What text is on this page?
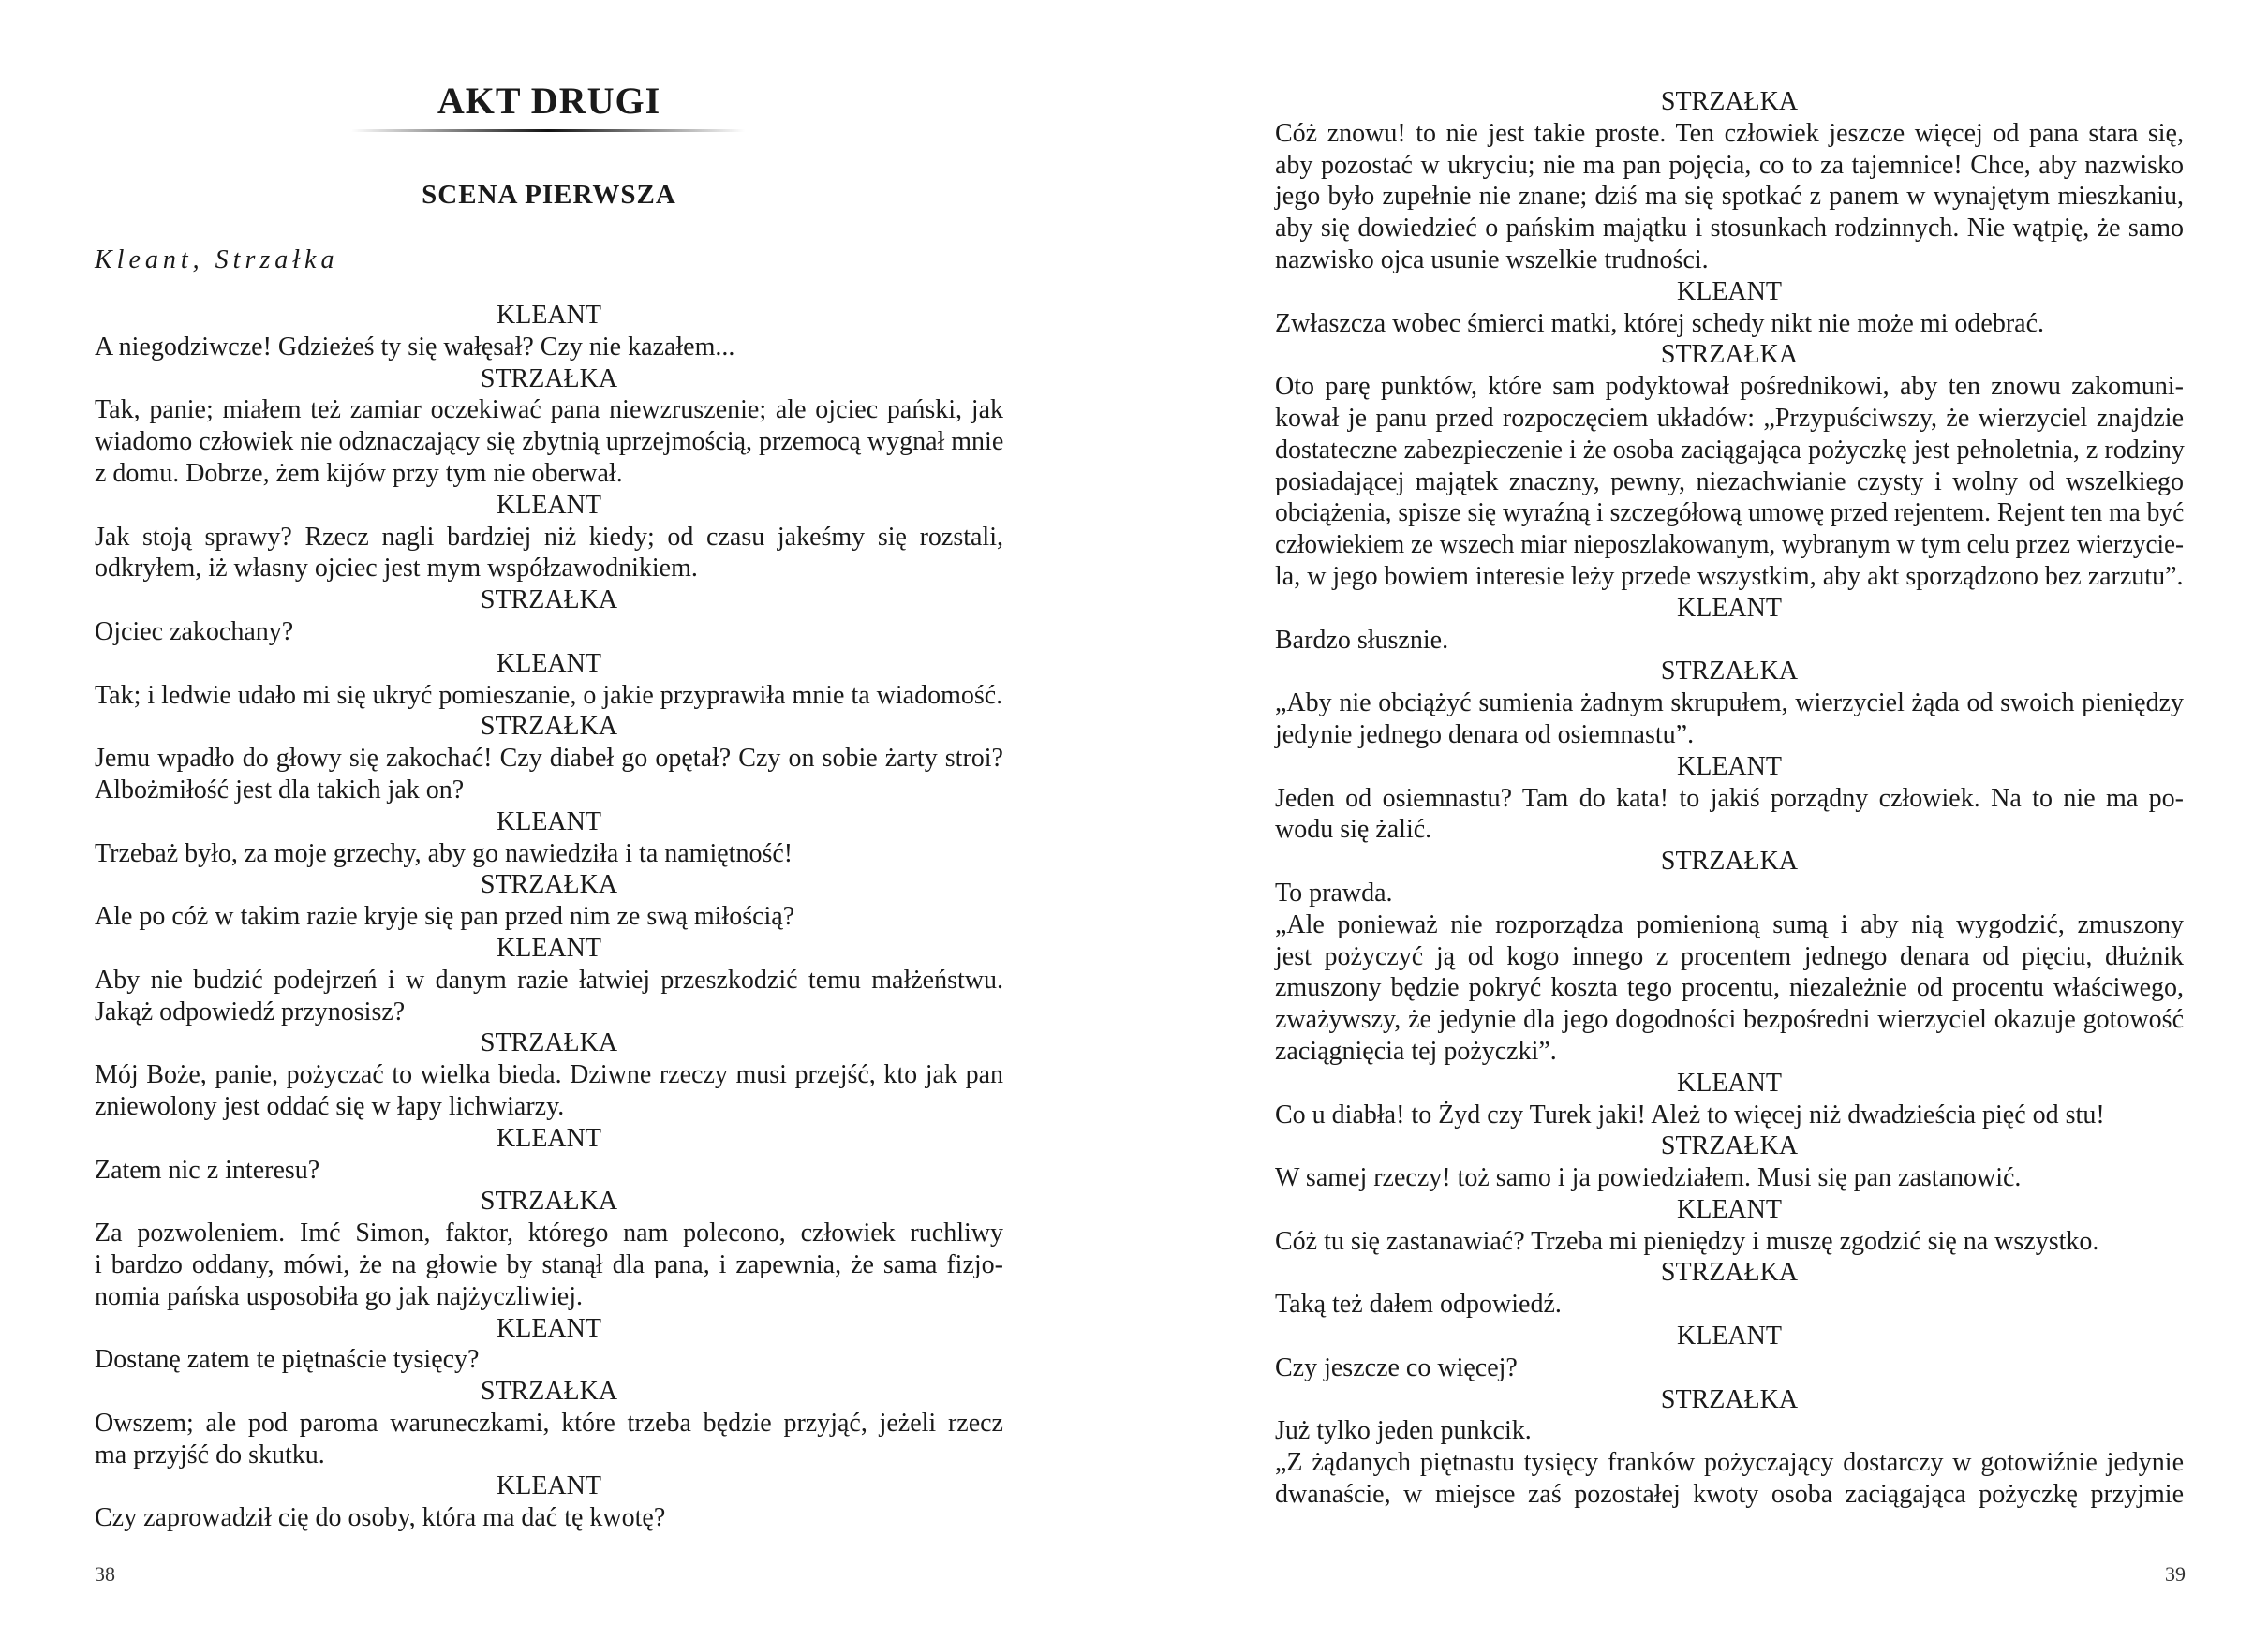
AKT DRUGI
SCENA PIERWSZA
Kleant, Strzałka
KLEANT
A niegodziwcze! Gdzieżeś ty się wałęsał? Czy nie kazałem...
STRZAŁKA
Tak, panie; miałem też zamiar oczekiwać pana niewzruszenie; ale ojciec pański, jak
wiadomo człowiek nie odznaczający się zbytnią uprzejmością, przemocą wygnał mnie
z domu. Dobrze, żem kijów przy tym nie oberwał.
KLEANT
Jak stoją sprawy? Rzecz nagli bardziej niż kiedy; od czasu jakeśmy się rozstali,
odkryłem, iż własny ojciec jest mym współzawodnikiem.
STRZAŁKA
Ojciec zakochany?
KLEANT
Tak; i ledwie udało mi się ukryć pomieszanie, o jakie przyprawiła mnie ta wiadomość.
STRZAŁKA
Jemu wpadło do głowy się zakochać! Czy diabeł go opętał? Czy on sobie żarty stroi?
Albożmiłość jest dla takich jak on?
KLEANT
Trzebaż było, za moje grzechy, aby go nawiedziła i ta namiętność!
STRZAŁKA
Ale po cóż w takim razie kryje się pan przed nim ze swą miłością?
KLEANT
Aby nie budzić podejrzeń i w danym razie łatwiej przeszkodzić temu małżeństwu.
Jakąż odpowiedź przynosisz?
STRZAŁKA
Mój Boże, panie, pożyczać to wielka bieda. Dziwne rzeczy musi przejść, kto jak pan
zniewolony jest oddać się w łapy lichwiarzy.
KLEANT
Zatem nic z interesu?
STRZAŁKA
Za pozwoleniem. Imć Simon, faktor, którego nam polecono, człowiek ruchliwy
i bardzo oddany, mówi, że na głowie by stanął dla pana, i zapewnia, że sama fizjo-
nomia pańska usposobiła go jak najżyczliwiej.
KLEANT
Dostanę zatem te piętnaście tysięcy?
STRZAŁKA
Owszem; ale pod paroma waruneczkami, które trzeba będzie przyjąć, jeżeli rzecz
ma przyjść do skutku.
KLEANT
Czy zaprowadził cię do osoby, która ma dać tę kwotę?
38
STRZAŁKA
Cóż znowu! to nie jest takie proste. Ten człowiek jeszcze więcej od pana stara się,
aby pozostać w ukryciu; nie ma pan pojęcia, co to za tajemnice! Chce, aby nazwisko
jego było zupełnie nie znane; dziś ma się spotkać z panem w wynajętym mieszkaniu,
aby się dowiedzieć o pańskim majątku i stosunkach rodzinnych. Nie wątpię, że samo
nazwisko ojca usunie wszelkie trudności.
KLEANT
Zwłaszcza wobec śmierci matki, której schedy nikt nie może mi odebrać.
STRZAŁKA
Oto parę punktów, które sam podyktował pośrednikowi, aby ten znowu zakomuni-
kował je panu przed rozpoczęciem układów: „Przypuściwszy, że wierzyciel znajdzie
dostateczne zabezpieczenie i że osoba zaciągająca pożyczkę jest pełnoletnia, z rodziny
posiadającej majątek znaczny, pewny, niezachwianie czysty i wolny od wszelkiego
obciążenia, spisze się wyraźną i szczegółową umowę przed rejentem. Rejent ten ma być
człowiekiem ze wszech miar nieposzlakowanym, wybranym w tym celu przez wierzycie-
la, w jego bowiem interesie leży przede wszystkim, aby akt sporządzono bez zarzutu”.
KLEANT
Bardzo słusznie.
STRZAŁKA
„Aby nie obciążyć sumienia żadnym skrupułem, wierzyciel żąda od swoich pieniędzy
jedynie jednego denara od osiemnastu”.
KLEANT
Jeden od osiemnastu? Tam do kata! to jakiś porządny człowiek. Na to nie ma po-
wodu się żalić.
STRZAŁKA
To prawda.
„Ale ponieważ nie rozporządza pomienioną sumą i aby nią wygodzić, zmuszony
jest pożyczyć ją od kogo innego z procentem jednego denara od pięciu, dłużnik
zmuszony będzie pokryć koszta tego procentu, niezależnie od procentu właściwego,
zważywszy, że jedynie dla jego dogodności bezpośredni wierzyciel okazuje gotowość
zaciągnięcia tej pożyczki”.
KLEANT
Co u diabła! to Żyd czy Turek jaki! Ależ to więcej niż dwadzieścia pięć od stu!
STRZAŁKA
W samej rzeczy! toż samo i ja powiedziałem. Musi się pan zastanowić.
KLEANT
Cóż tu się zastanawiać? Trzeba mi pieniędzy i muszę zgodzić się na wszystko.
STRZAŁKA
Taką też dałem odpowiedź.
KLEANT
Czy jeszcze co więcej?
STRZAŁKA
Już tylko jeden punkcik.
„Z żądanych piętnastu tysięcy franków pożyczający dostarczy w gotowiźnie jedynie
dwanaście, w miejsce zaś pozostałej kwoty osoba zaciągająca pożyczkę przyjmie
39
